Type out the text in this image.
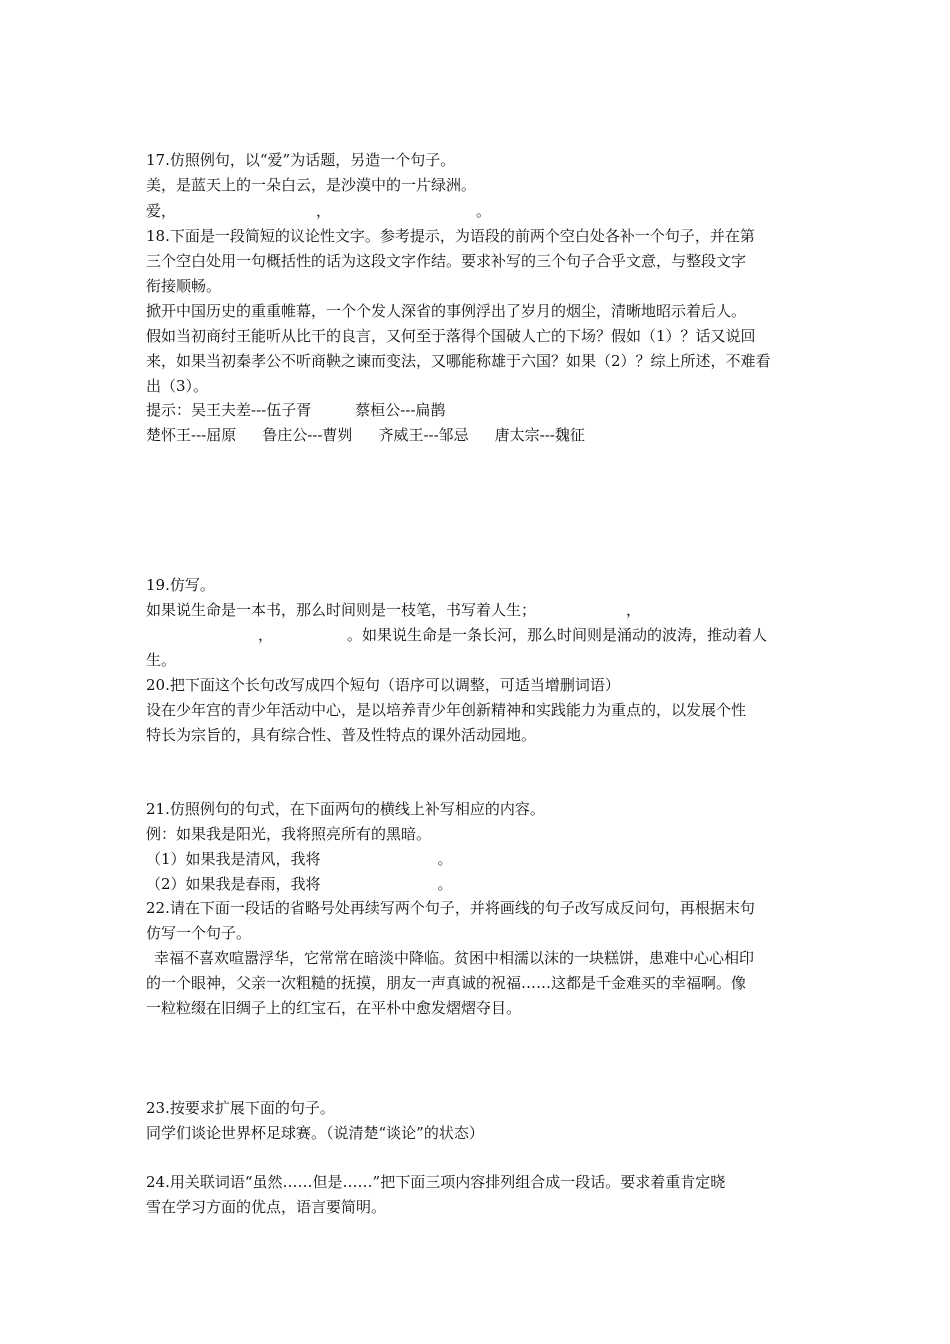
17.仿照例句，以“爱”为话题，另造一个句子。
美，是蓝天上的一朵白云，是沙漠中的一片绿洲。
爱，	，	。
18.下面是一段简短的议论性文字。参考提示，为语段的前两个空白处各补一个句子，并在第
三个空白处用一句概括性的话为这段文字作结。要求补写的三个句子合乎文意，与整段文字
衔接顺畅。
掀开中国历史的重重帷幕，一个个发人深省的事例浮出了岁月的烟尘，清晰地昭示着后人。
假如当初商纣王能听从比干的良言，又何至于落得个国破人亡的下场？假如（1）？话又说回
来，如果当初秦孝公不听商鞅之谏而变法，又哪能称雄于六国？如果（2）？综上所述，不难看
出（3）。
提示：吴王夫差---伍子胥	蔡桓公---扁鹊
楚怀王---屈原 鲁庄公---曹刿 齐威王---邹忌 唐太宗---魏征
19.仿写。
如果说生命是一本书，那么时间则是一枝笔，书写着人生；	，
，	。如果说生命是一条长河，那么时间则是涌动的波涛，推动着人
生。
20.把下面这个长句改写成四个短句（语序可以调整，可适当增删词语）
设在少年宫的青少年活动中心，是以培养青少年创新精神和实践能力为重点的，以发展个性
特长为宗旨的，具有综合性、普及性特点的课外活动园地。
21.仿照例句的句式，在下面两句的横线上补写相应的内容。
例：如果我是阳光，我将照亮所有的黑暗。
（1）如果我是清风，我将	。
（2）如果我是春雨，我将	。
22.请在下面一段话的省略号处再续写两个句子，并将画线的句子改写成反问句，再根据末句
仿写一个句子。
幸福不喜欢喧嚣浮华，它常常在暗淡中降临。贫困中相濡以沫的一块糕饼，患难中心心相印
的一个眼神，父亲一次粗糙的抚摸，朋友一声真诚的祝福……这都是千金难买的幸福啊。像
一粒粒缀在旧绸子上的红宝石，在平朴中愈发熠熠夺目。
23.按要求扩展下面的句子。
同学们谈论世界杯足球赛。（说清楚“谈论”的状态）
24.用关联词语“虽然……但是……”把下面三项内容排列组合成一段话。要求着重肯定晓
雪在学习方面的优点，语言要简明。
